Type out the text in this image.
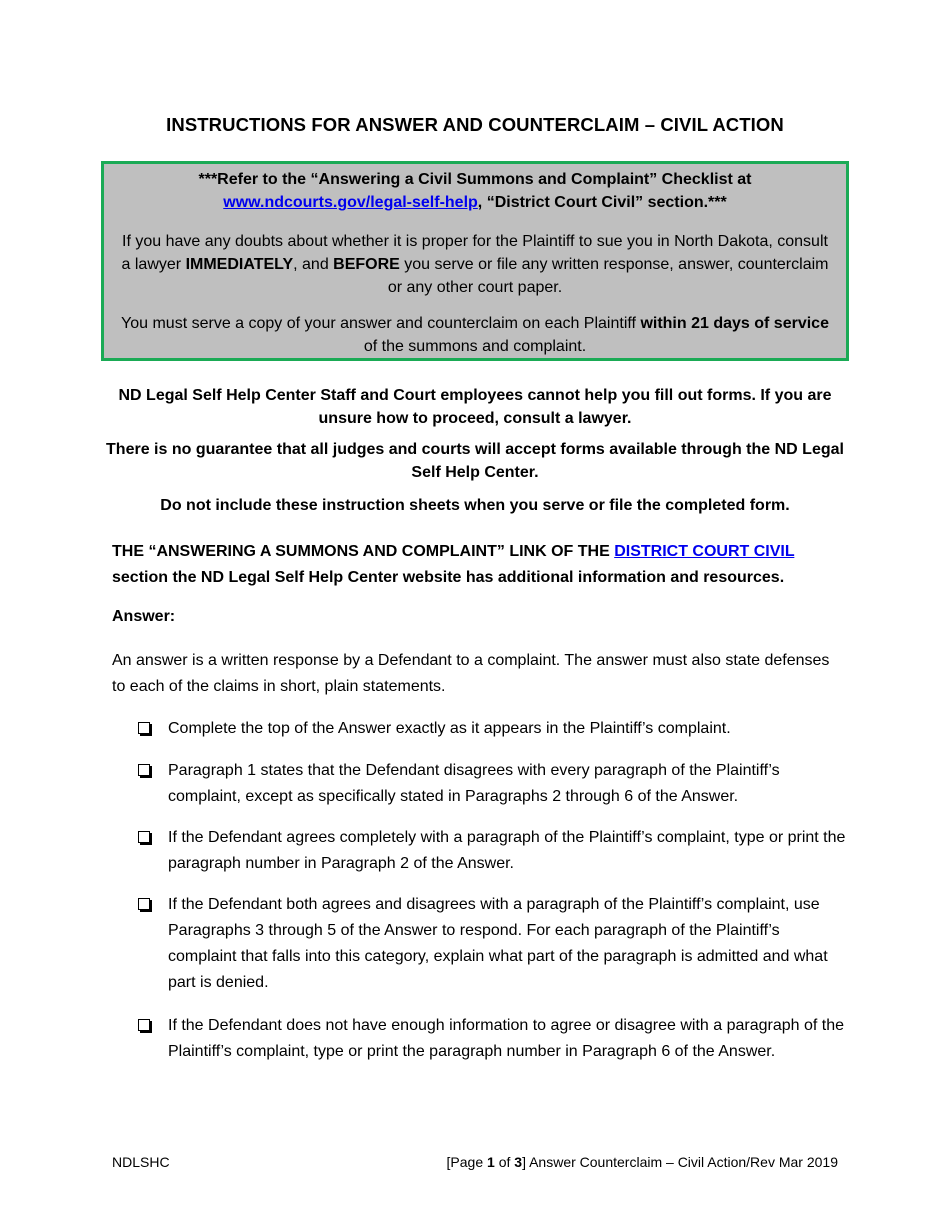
INSTRUCTIONS FOR ANSWER AND COUNTERCLAIM – CIVIL ACTION

***Refer to the “Answering a Civil Summons and Complaint” Checklist at
www.ndcourts.gov/legal-self-help, “District Court Civil” section.***

If you have any doubts about whether it is proper for the Plaintiff to sue you in North Dakota, consult a lawyer IMMEDIATELY, and BEFORE you serve or file any written response, answer, counterclaim or any other court paper.

You must serve a copy of your answer and counterclaim on each Plaintiff within 21 days of service of the summons and complaint.

ND Legal Self Help Center Staff and Court employees cannot help you fill out forms. If you are unsure how to proceed, consult a lawyer.

There is no guarantee that all judges and courts will accept forms available through the ND Legal Self Help Center.

Do not include these instruction sheets when you serve or file the completed form.

THE “ANSWERING A SUMMONS AND COMPLAINT” LINK OF THE DISTRICT COURT CIVIL section the ND Legal Self Help Center website has additional information and resources.

Answer:

An answer is a written response by a Defendant to a complaint. The answer must also state defenses to each of the claims in short, plain statements.

Complete the top of the Answer exactly as it appears in the Plaintiff’s complaint.
Paragraph 1 states that the Defendant disagrees with every paragraph of the Plaintiff’s complaint, except as specifically stated in Paragraphs 2 through 6 of the Answer.
If the Defendant agrees completely with a paragraph of the Plaintiff’s complaint, type or print the paragraph number in Paragraph 2 of the Answer.
If the Defendant both agrees and disagrees with a paragraph of the Plaintiff’s complaint, use Paragraphs 3 through 5 of the Answer to respond. For each paragraph of the Plaintiff’s complaint that falls into this category, explain what part of the paragraph is admitted and what part is denied.
If the Defendant does not have enough information to agree or disagree with a paragraph of the Plaintiff’s complaint, type or print the paragraph number in Paragraph 6 of the Answer.
NDLSHC	[Page 1 of 3] Answer Counterclaim – Civil Action/Rev Mar 2019
